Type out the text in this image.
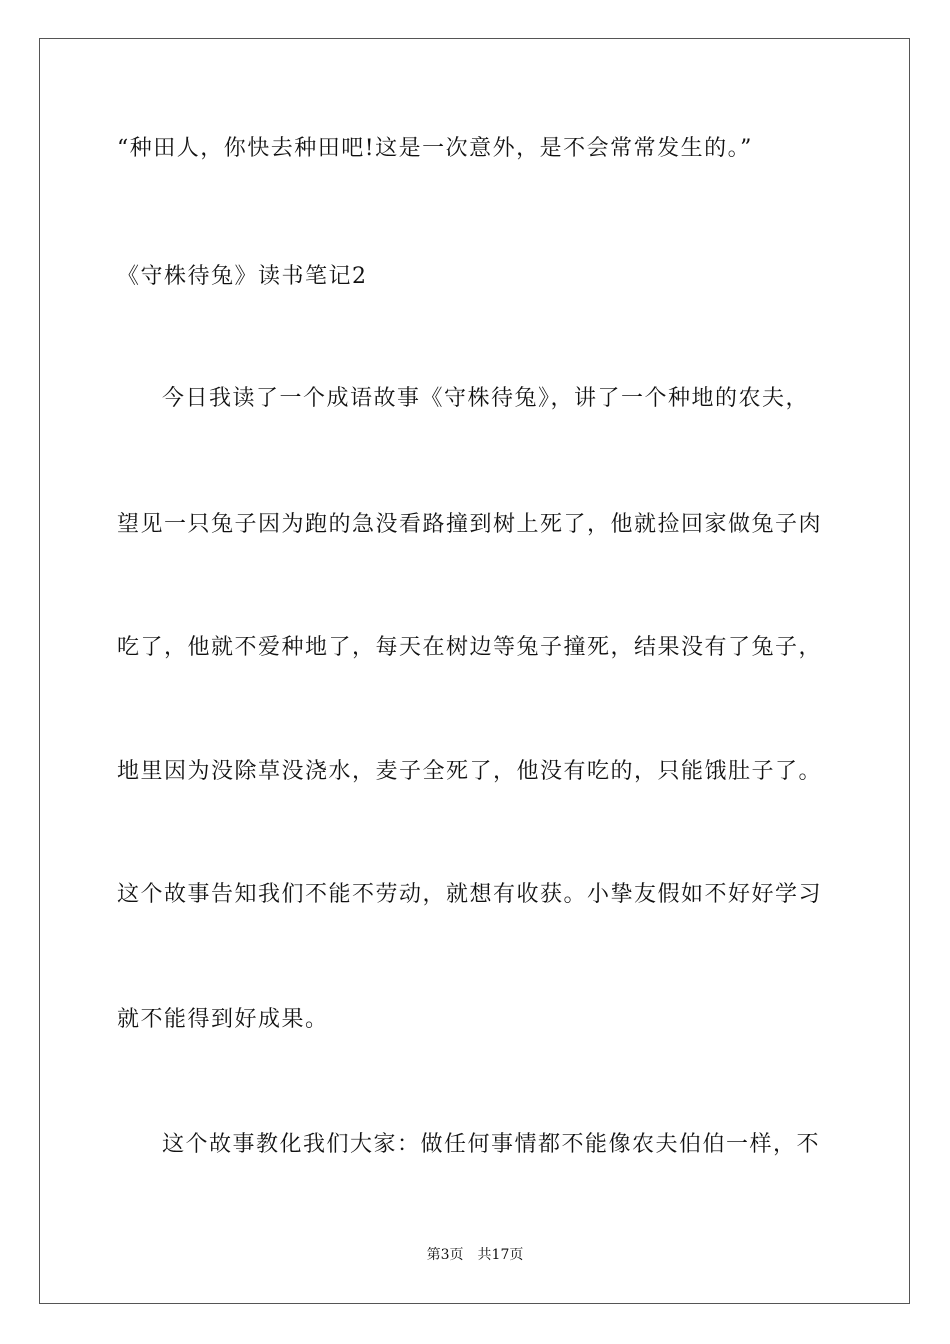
“种田人，你快去种田吧!这是一次意外，是不会常常发生的。”
《守株待兔》读书笔记2
今日我读了一个成语故事《守株待兔》，讲了一个种地的农夫，
望见一只兔子因为跑的急没看路撞到树上死了，他就捡回家做兔子肉
吃了，他就不爱种地了，每天在树边等兔子撞死，结果没有了兔子，
地里因为没除草没浇水，麦子全死了，他没有吃的，只能饿肚子了。
这个故事告知我们不能不劳动，就想有收获。小挚友假如不好好学习
就不能得到好成果。
这个故事教化我们大家：做任何事情都不能像农夫伯伯一样，不
第3页 共17页
